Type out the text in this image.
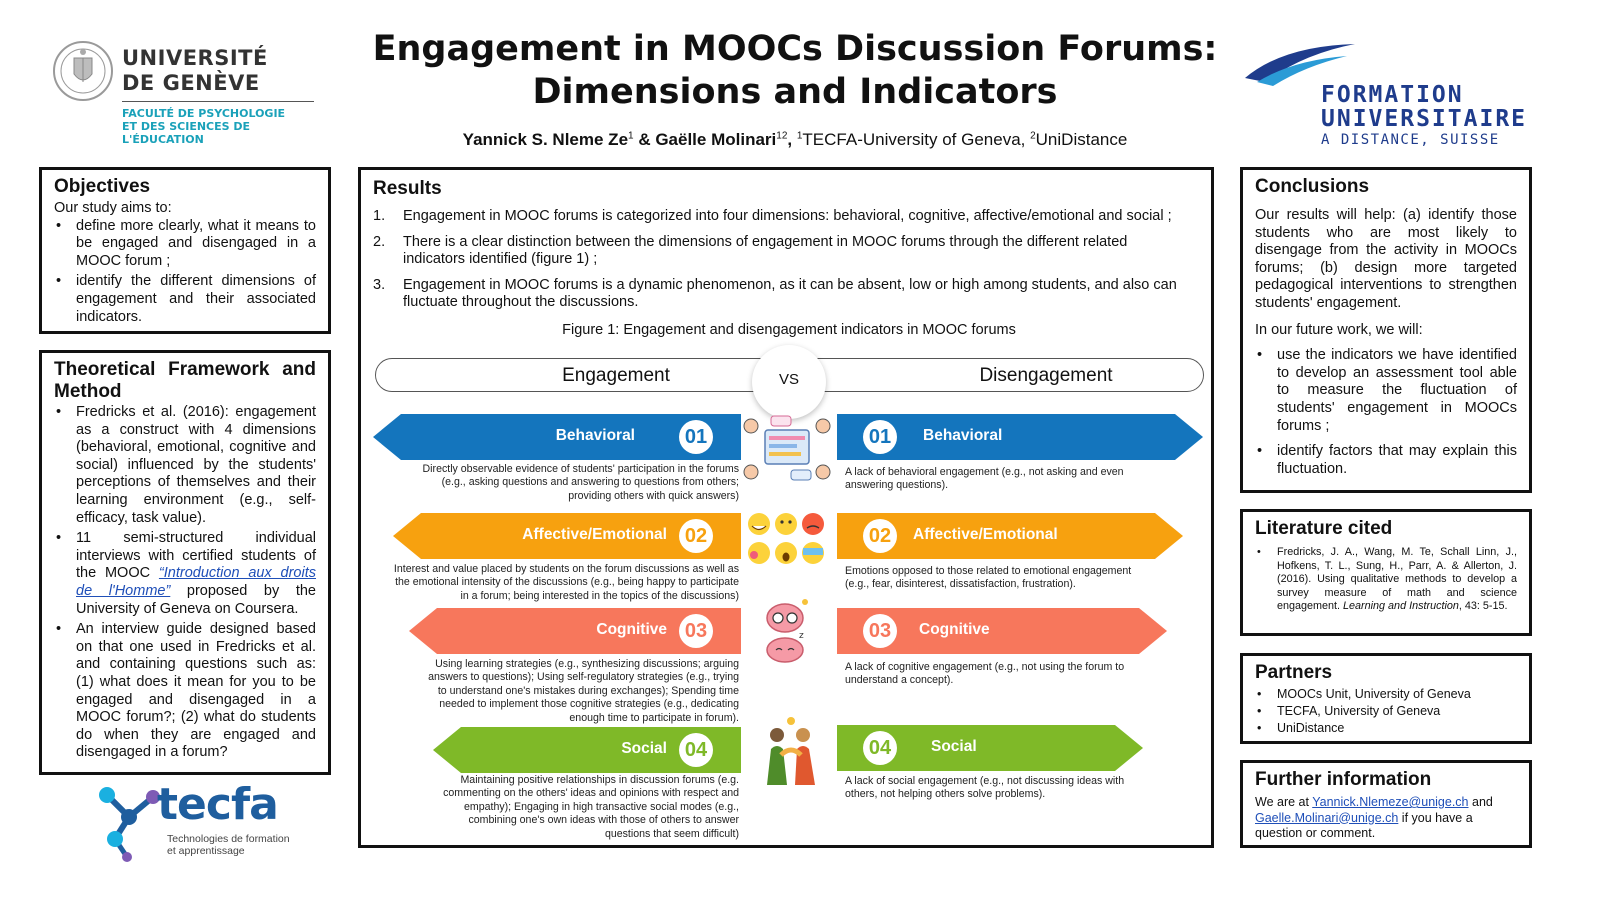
UNIVERSITÉ
DE GENÈVE
FACULTÉ DE PSYCHOLOGIE
ET DES SCIENCES DE L'ÉDUCATION
Engagement in MOOCs Discussion Forums:
Dimensions and Indicators
Yannick S. Nleme Ze$^1$ & Gaëlle Molinari$^{12}$, $^1$TECFA-University of Geneva, $^2$UniDistance
FORMATION
UNIVERSITAIRE
A DISTANCE, SUISSE
Objectives
Our study aims to:
• define more clearly, what it means to be engaged and disengaged in a MOOC forum ;
• identify the different dimensions of engagement and their associated indicators.
Theoretical Framework and Method
• Fredricks et al. (2016): engagement as a construct with 4 dimensions (behavioral, emotional, cognitive and social) influenced by the students' perceptions of themselves and their learning environment (e.g., self-efficacy, task value).
• 11 semi-structured individual interviews with certified students of the MOOC “Introduction aux droits de l'Homme” proposed by the University of Geneva on Coursera.
• An interview guide designed based on that one used in Fredricks et al. and containing questions such as: (1) what does it mean for you to be engaged and disengaged in a MOOC forum?; (2) what do students do when they are engaged and disengaged in a forum?
tecfa
Technologies de formation
et apprentissage
Results
1. Engagement in MOOC forums is categorized into four dimensions: behavioral, cognitive, affective/emotional and social ;
2. There is a clear distinction between the dimensions of engagement in MOOC forums through the different related indicators identified (figure 1) ;
3. Engagement in MOOC forums is a dynamic phenomenon, as it can be absent, low or high among students, and also can fluctuate throughout the discussions.
Figure 1: Engagement and disengagement indicators in MOOC forums
Engagement	Disengagement
VS
Behavioral 01	01	Behavioral
Directly observable evidence of students' participation in the forums (e.g., asking questions and answering to questions from others; providing others with quick answers)
A lack of behavioral engagement (e.g., not asking and even answering questions).
Affective/Emotional 02	02	Affective/Emotional
Interest and value placed by students on the forum discussions as well as the emotional intensity of the discussions (e.g., being happy to participate in a forum; being interested in the topics of the discussions)
Emotions opposed to those related to emotional engagement (e.g., fear, disinterest, dissatisfaction, frustration).
Cognitive 03	03	Cognitive
Using learning strategies (e.g., synthesizing discussions; arguing answers to questions); Using self-regulatory strategies (e.g., trying to understand one's mistakes during exchanges); Spending time needed to implement those cognitive strategies (e.g., dedicating enough time to participate in forum).
A lack of cognitive engagement (e.g., not using the forum to understand a concept).
Social 04	04	Social
Maintaining positive relationships in discussion forums (e.g. commenting on the others' ideas and opinions with respect and empathy); Engaging in high transactive social modes (e.g., combining one's own ideas with those of others to answer questions that seem difficult)
A lack of social engagement (e.g., not discussing ideas with others, not helping others solve problems).
z
Conclusions
Our results will help: (a) identify those students who are most likely to disengage from the activity in MOOCs forums; (b) design more targeted pedagogical interventions to strengthen students' engagement.
In our future work, we will:
• use the indicators we have identified to develop an assessment tool able to measure the fluctuation of students' engagement in MOOCs forums ;
• identify factors that may explain this fluctuation.
Literature cited
• Fredricks, J. A., Wang, M. Te, Schall Linn, J., Hofkens, T. L., Sung, H., Parr, A. & Allerton, J. (2016). Using qualitative methods to develop a survey measure of math and science engagement. Learning and Instruction, 43: 5-15.
Partners
• MOOCs Unit, University of Geneva
• TECFA, University of Geneva
• UniDistance
Further information
We are at Yannick.Nlemeze@unige.ch and Gaelle.Molinari@unige.ch if you have a question or comment.
